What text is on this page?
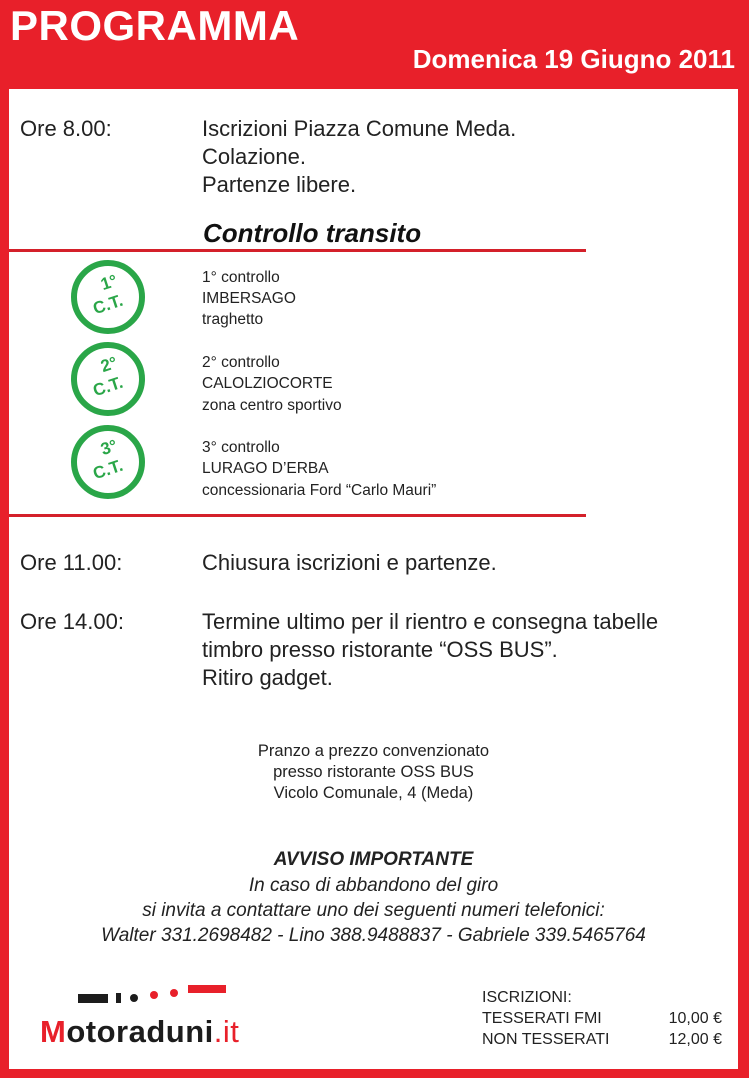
PROGRAMMA
Domenica 19 Giugno 2011
Ore 8.00:	Iscrizioni Piazza Comune Meda.
Colazione.
Partenze libere.
Controllo transito
1°
C.T.
1° controllo
IMBERSAGO
traghetto
2°
C.T.
2° controllo
CALOLZIOCORTE
zona centro sportivo
3°
C.T.
3° controllo
LURAGO D’ERBA
concessionaria Ford “Carlo Mauri”
Ore 11.00:	Chiusura iscrizioni e partenze.
Ore 14.00:	Termine ultimo per il rientro e consegna tabelle
timbro presso ristorante “OSS BUS”.
Ritiro gadget.
Pranzo a prezzo convenzionato
presso ristorante OSS BUS
Vicolo Comunale, 4 (Meda)
AVVISO IMPORTANTE
In caso di abbandono del giro
si invita a contattare uno dei seguenti numeri telefonici:
Walter 331.2698482 - Lino 388.9488837 - Gabriele 339.5465764
Motoraduni.it
ISCRIZIONI:
TESSERATI FMI	10,00 €
NON TESSERATI	12,00 €
